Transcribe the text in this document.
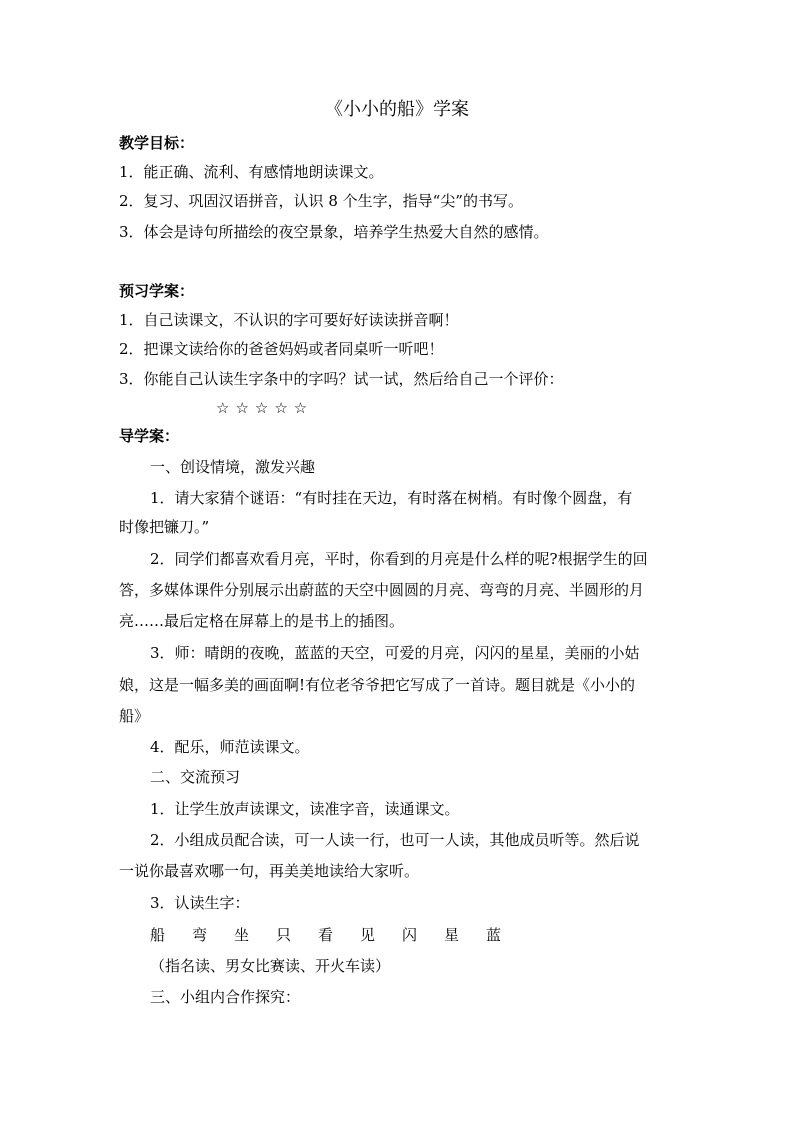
《小小的船》学案
教学目标：
1．能正确、流利、有感情地朗读课文。
2．复习、巩固汉语拼音，认识 8 个生字，指导“尖”的书写。
3．体会是诗句所描绘的夜空景象，培养学生热爱大自然的感情。
预习学案：
1．自己读课文，不认识的字可要好好读读拼音啊！
2．把课文读给你的爸爸妈妈或者同桌听一听吧！
3．你能自己认读生字条中的字吗？试一试，然后给自己一个评价：
☆☆☆☆☆
导学案：
一、创设情境，激发兴趣
1．请大家猜个谜语：“有时挂在天边，有时落在树梢。有时像个圆盘，有
时像把镰刀。”
2．同学们都喜欢看月亮，平时，你看到的月亮是什么样的呢?根据学生的回
答，多媒体课件分别展示出蔚蓝的天空中圆圆的月亮、弯弯的月亮、半圆形的月
亮……最后定格在屏幕上的是书上的插图。
3．师：晴朗的夜晚，蓝蓝的天空，可爱的月亮，闪闪的星星，美丽的小姑
娘，这是一幅多美的画面啊!有位老爷爷把它写成了一首诗。题目就是《小小的
船》
4．配乐，师范读课文。
二、交流预习
1．让学生放声读课文，读准字音，读通课文。
2．小组成员配合读，可一人读一行，也可一人读，其他成员听等。然后说
一说你最喜欢哪一句，再美美地读给大家听。
3．认读生字：
船 弯 坐 只 看 见 闪 星 蓝
（指名读、男女比赛读、开火车读）
三、小组内合作探究：
